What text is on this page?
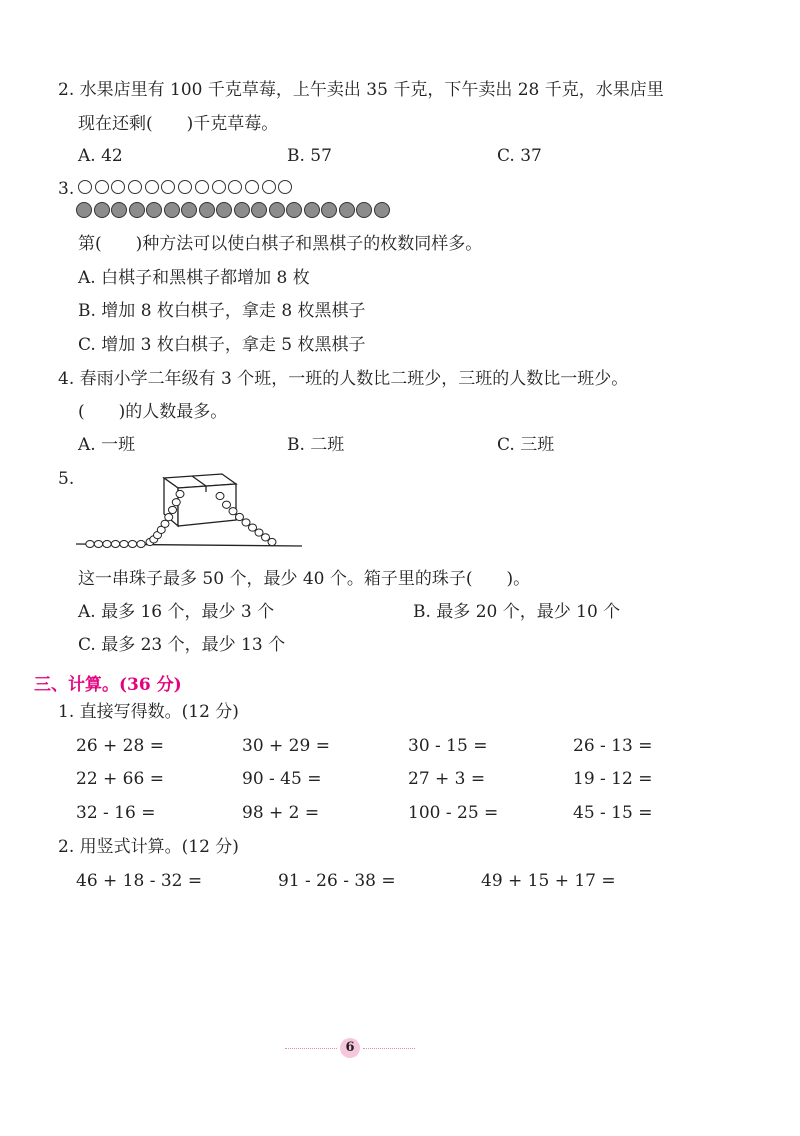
2. 水果店里有 100 千克草莓，上午卖出 35 千克，下午卖出 28 千克，水果店里
现在还剩(　　)千克草莓。
A. 42	B. 57	C. 37
3.
第(　　)种方法可以使白棋子和黑棋子的枚数同样多。
A. 白棋子和黑棋子都增加 8 枚
B. 增加 8 枚白棋子，拿走 8 枚黑棋子
C. 增加 3 枚白棋子，拿走 5 枚黑棋子
4. 春雨小学二年级有 3 个班，一班的人数比二班少，三班的人数比一班少。
(　　)的人数最多。
A. 一班	B. 二班	C. 三班
5.
这一串珠子最多 50 个，最少 40 个。箱子里的珠子(　　)。
A. 最多 16 个，最少 3 个	B. 最多 20 个，最少 10 个
C. 最多 23 个，最少 13 个
三、计算。(36 分)
1. 直接写得数。(12 分)
26 + 28 =	30 + 29 =	30 - 15 =	26 - 13 =
22 + 66 =	90 - 45 =	27 + 3 =	19 - 12 =
32 - 16 =	98 + 2 =	100 - 25 =	45 - 15 =
2. 用竖式计算。(12 分)
46 + 18 - 32 =	91 - 26 - 38 =	49 + 15 + 17 =
6
